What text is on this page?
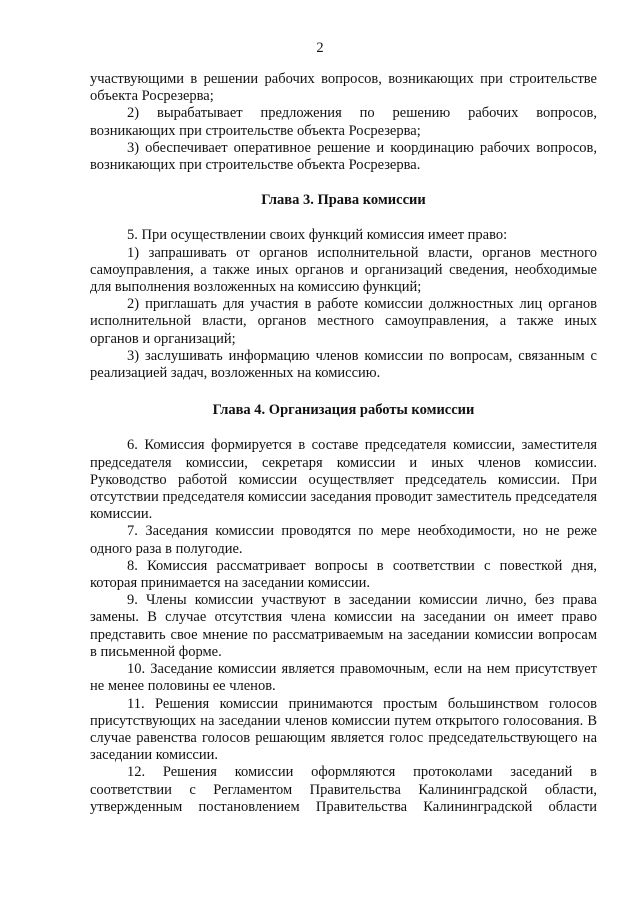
2

участвующими в решении рабочих вопросов, возникающих при строительстве объекта Росрезерва;

2) вырабатывает предложения по решению рабочих вопросов, возникающих при строительстве объекта Росрезерва;

3) обеспечивает оперативное решение и координацию рабочих вопросов, возникающих при строительстве объекта Росрезерва.

Глава 3. Права комиссии

5. При осуществлении своих функций комиссия имеет право:

1) запрашивать от органов исполнительной власти, органов местного самоуправления, а также иных органов и организаций сведения, необходимые для выполнения возложенных на комиссию функций;

2) приглашать для участия в работе комиссии должностных лиц органов исполнительной власти, органов местного самоуправления, а также иных органов и организаций;

3) заслушивать информацию членов комиссии по вопросам, связанным с реализацией задач, возложенных на комиссию.

Глава 4. Организация работы комиссии

6. Комиссия формируется в составе председателя комиссии, заместителя председателя комиссии, секретаря комиссии и иных членов комиссии. Руководство работой комиссии осуществляет председатель комиссии. При отсутствии председателя комиссии заседания проводит заместитель председателя комиссии.

7. Заседания комиссии проводятся по мере необходимости, но не реже одного раза в полугодие.

8. Комиссия рассматривает вопросы в соответствии с повесткой дня, которая принимается на заседании комиссии.

9. Члены комиссии участвуют в заседании комиссии лично, без права замены. В случае отсутствия члена комиссии на заседании он имеет право представить свое мнение по рассматриваемым на заседании комиссии вопросам в письменной форме.

10. Заседание комиссии является правомочным, если на нем присутствует не менее половины ее членов.

11. Решения комиссии принимаются простым большинством голосов присутствующих на заседании членов комиссии путем открытого голосования. В случае равенства голосов решающим является голос председательствующего на заседании комиссии.

12. Решения комиссии оформляются протоколами заседаний в соответствии с Регламентом Правительства Калининградской области, утвержденным постановлением Правительства Калининградской области
